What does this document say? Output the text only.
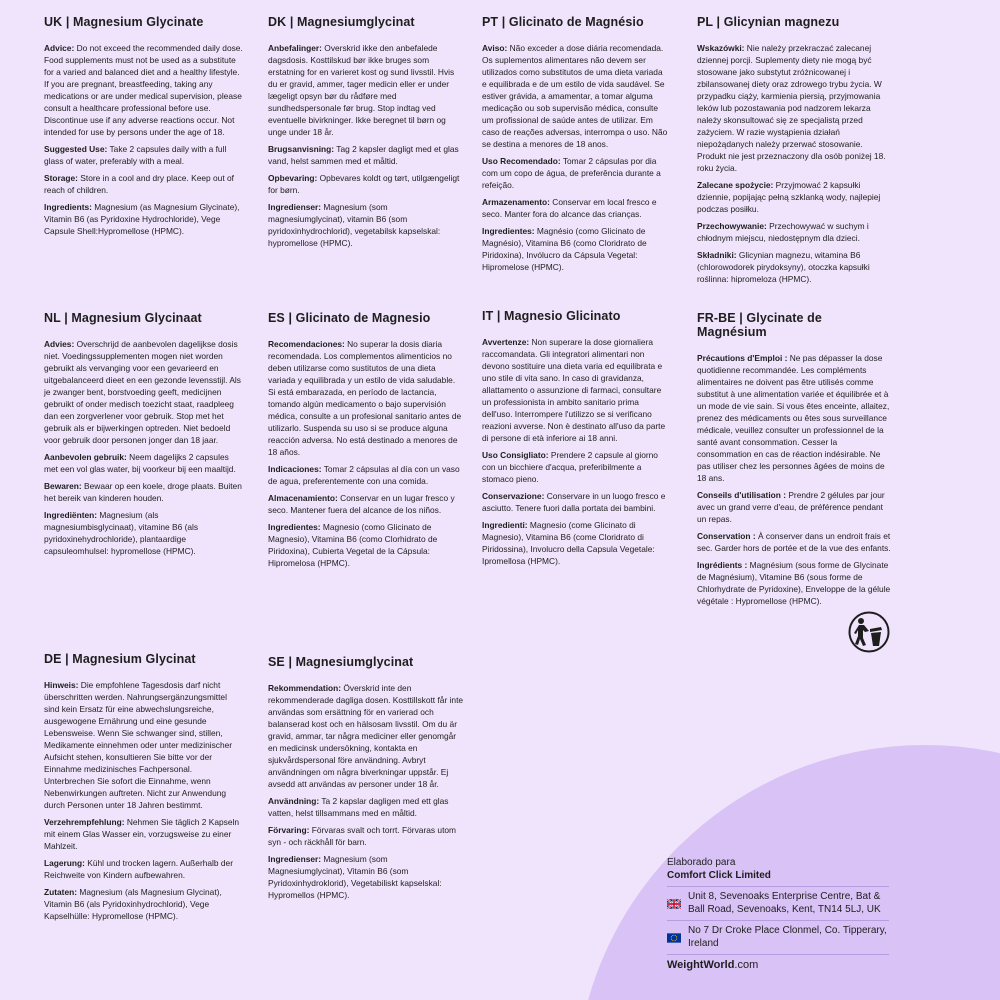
UK | Magnesium Glycinate
Advice: Do not exceed the recommended daily dose. Food supplements must not be used as a substitute for a varied and balanced diet and a healthy lifestyle. If you are pregnant, breastfeeding, taking any medications or are under medical supervision, please consult a healthcare professional before use. Discontinue use if any adverse reactions occur. Not intended for use by persons under the age of 18.
Suggested Use: Take 2 capsules daily with a full glass of water, preferably with a meal.
Storage: Store in a cool and dry place. Keep out of reach of children.
Ingredients: Magnesium (as Magnesium Glycinate), Vitamin B6 (as Pyridoxine Hydrochloride), Vege Capsule Shell:Hypromellose (HPMC).
NL | Magnesium Glycinaat
Advies: Overschrijd de aanbevolen dagelijkse dosis niet. Voedingssupplementen mogen niet worden gebruikt als vervanging voor een gevarieerd en uitgebalanceerd dieet en een gezonde levensstijl. Als je zwanger bent, borstvoeding geeft, medicijnen gebruikt of onder medisch toezicht staat, raadpleeg dan een zorgverlener voor gebruik. Stop met het gebruik als er bijwerkingen optreden. Niet bedoeld voor gebruik door personen jonger dan 18 jaar.
Aanbevolen gebruik: Neem dagelijks 2 capsules met een vol glas water, bij voorkeur bij een maaltijd.
Bewaren: Bewaar op een koele, droge plaats. Buiten het bereik van kinderen houden.
Ingrediënten: Magnesium (als magnesiumbisglycinaat), vitamine B6 (als pyridoxinehydrochloride), plantaardige capsuleomhulsel: hypromellose (HPMC).
DE | Magnesium Glycinat
Hinweis: Die empfohlene Tagesdosis darf nicht überschritten werden. Nahrungsergänzungsmittel sind kein Ersatz für eine abwechslungsreiche, ausgewogene Ernährung und eine gesunde Lebensweise. Wenn Sie schwanger sind, stillen, Medikamente einnehmen oder unter medizinischer Aufsicht stehen, konsultieren Sie bitte vor der Einnahme medizinisches Fachpersonal. Unterbrechen Sie sofort die Einnahme, wenn Nebenwirkungen auftreten. Nicht zur Anwendung durch Personen unter 18 Jahren bestimmt.
Verzehrempfehlung: Nehmen Sie täglich 2 Kapseln mit einem Glas Wasser ein, vorzugsweise zu einer Mahlzeit.
Lagerung: Kühl und trocken lagern. Außerhalb der Reichweite von Kindern aufbewahren.
Zutaten: Magnesium (als Magnesium Glycinat), Vitamin B6 (als Pyridoxinhydrochlorid), Vege Kapselhülle: Hypromellose (HPMC).
DK | Magnesiumglycinat
Anbefalinger: Overskrid ikke den anbefalede dagsdosis. Kosttilskud bør ikke bruges som erstatning for en varieret kost og sund livsstil. Hvis du er gravid, ammer, tager medicin eller er under lægeligt opsyn bør du rådføre med sundhedspersonale før brug. Stop indtag ved eventuelle bivirkninger. Ikke beregnet til børn og unge under 18 år.
Brugsanvisning: Tag 2 kapsler dagligt med et glas vand, helst sammen med et måltid.
Opbevaring: Opbevares koldt og tørt, utilgængeligt for børn.
Ingredienser: Magnesium (som magnesiumglycinat), vitamin B6 (som pyridoxinhydrochlorid), vegetabilsk kapselskal: hypromellose (HPMC).
ES | Glicinato de Magnesio
Recomendaciones: No superar la dosis diaria recomendada. Los complementos alimenticios no deben utilizarse como sustitutos de una dieta variada y equilibrada y un estilo de vida saludable. Si está embarazada, en período de lactancia, tomando algún medicamento o bajo supervisión médica, consulte a un profesional sanitario antes de utilizarlo. Suspenda su uso si se produce alguna reacción adversa. No está destinado a menores de 18 años.
Indicaciones: Tomar 2 cápsulas al día con un vaso de agua, preferentemente con una comida.
Almacenamiento: Conservar en un lugar fresco y seco. Mantener fuera del alcance de los niños.
Ingredientes: Magnesio (como Glicinato de Magnesio), Vitamina B6 (como Clorhidrato de Piridoxina), Cubierta Vegetal de la Cápsula: Hipromelosa (HPMC).
SE | Magnesiumglycinat
Rekommendation: Överskrid inte den rekommenderade dagliga dosen. Kosttillskott får inte användas som ersättning för en varierad och balanserad kost och en hälsosam livsstil. Om du är gravid, ammar, tar några mediciner eller genomgår en medicinsk undersökning, kontakta en sjukvårdspersonal före användning. Avbryt användningen om några biverkningar uppstår. Ej avsedd att användas av personer under 18 år.
Användning: Ta 2 kapslar dagligen med ett glas vatten, helst tillsammans med en måltid.
Förvaring: Förvaras svalt och torrt. Förvaras utom syn - och räckhåll för barn.
Ingredienser: Magnesium (som Magnesiumglycinat), Vitamin B6 (som Pyridoxinhydroklorid), Vegetabiliskt kapselskal: Hypromellos (HPMC).
PT | Glicinato de Magnésio
Aviso: Não exceder a dose diária recomendada. Os suplementos alimentares não devem ser utilizados como substitutos de uma dieta variada e equilibrada e de um estilo de vida saudável. Se estiver grávida, a amamentar, a tomar alguma medicação ou sob supervisão médica, consulte um profissional de saúde antes de utilizar. Em caso de reações adversas, interrompa o uso. Não se destina a menores de 18 anos.
Uso Recomendado: Tomar 2 cápsulas por dia com um copo de água, de preferência durante a refeição.
Armazenamento: Conservar em local fresco e seco. Manter fora do alcance das crianças.
Ingredientes: Magnésio (como Glicinato de Magnésio), Vitamina B6 (como Cloridrato de Piridoxina), Invólucro da Cápsula Vegetal: Hipromelose (HPMC).
IT | Magnesio Glicinato
Avvertenze: Non superare la dose giornaliera raccomandata. Gli integratori alimentari non devono sostituire una dieta varia ed equilibrata e uno stile di vita sano. In caso di gravidanza, allattamento o assunzione di farmaci, consultare un professionista in ambito sanitario prima dell'uso. Interrompere l'utilizzo se si verificano reazioni avverse. Non è destinato all'uso da parte di persone di età inferiore ai 18 anni.
Uso Consigliato: Prendere 2 capsule al giorno con un bicchiere d'acqua, preferibilmente a stomaco pieno.
Conservazione: Conservare in un luogo fresco e asciutto. Tenere fuori dalla portata dei bambini.
Ingredienti: Magnesio (come Glicinato di Magnesio), Vitamina B6 (come Cloridrato di Piridossina), Involucro della Capsula Vegetale: Ipromellosa (HPMC).
PL | Glicynian magnezu
Wskazówki: Nie należy przekraczać zalecanej dziennej porcji. Suplementy diety nie mogą być stosowane jako substytut zróżnicowanej i zbilansowanej diety oraz zdrowego trybu życia. W przypadku ciąży, karmienia piersią, przyjmowania leków lub pozostawania pod nadzorem lekarza należy skonsultować się ze specjalistą przed zażyciem. W razie wystąpienia działań niepożądanych należy przerwać stosowanie. Produkt nie jest przeznaczony dla osób poniżej 18. roku życia.
Zalecane spożycie: Przyjmować 2 kapsułki dziennie, popijając pełną szklanką wody, najlepiej podczas posiłku.
Przechowywanie: Przechowywać w suchym i chłodnym miejscu, niedostępnym dla dzieci.
Składniki: Glicynian magnezu, witamina B6 (chlorowodorek pirydoksyny), otoczka kapsułki roślinna: hipromeloza (HPMC).
FR-BE | Glycinate de Magnésium
Précautions d'Emploi : Ne pas dépasser la dose quotidienne recommandée. Les compléments alimentaires ne doivent pas être utilisés comme substitut à une alimentation variée et équilibrée et à un mode de vie sain. Si vous êtes enceinte, allaitez, prenez des médicaments ou êtes sous surveillance médicale, veuillez consulter un professionnel de la santé avant consommation. Cesser la consommation en cas de réaction indésirable. Ne pas utiliser chez les personnes âgées de moins de 18 ans.
Conseils d'utilisation : Prendre 2 gélules par jour avec un grand verre d'eau, de préférence pendant un repas.
Conservation : À conserver dans un endroit frais et sec. Garder hors de portée et de la vue des enfants.
Ingrédients : Magnésium (sous forme de Glycinate de Magnésium), Vitamine B6 (sous forme de Chlorhydrate de Pyridoxine), Enveloppe de la gélule végétale : Hypromellose (HPMC).
Elaborado para
Comfort Click Limited
Unit 8, Sevenoaks Enterprise Centre, Bat & Ball Road, Sevenoaks, Kent, TN14 5LJ, UK
No 7 Dr Croke Place Clonmel, Co. Tipperary, Ireland
WeightWorld.com
